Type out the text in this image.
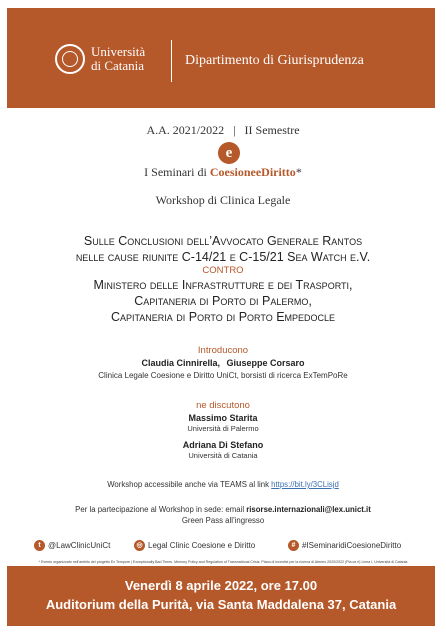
Università
di Catania	Dipartimento di Giurisprudenza
A.A. 2021/2022 | II Semestre
e
I Seminari di CoesioneeDiritto*
Workshop di Clinica Legale
Sulle Conclusioni dell’Avvocato Generale Rantos
nelle cause riunite C-14/21 e C-15/21 Sea Watch e.V.
CONTRO
Ministero delle Infrastrutture e dei Trasporti,
Capitaneria di Porto di Palermo,
Capitaneria di Porto di Porto Empedocle
Introducono
Claudia Cinnirella, Giuseppe Corsaro
Clinica Legale Coesione e Diritto UniCt, borsisti di ricerca ExTemPoRe
ne discutono
Massimo Starita
Università di Palermo
Adriana Di Stefano
Università di Catania
Workshop accessibile anche via TEAMS al link https://bit.ly/3CLisjd
Per la partecipazione al Workshop in sede: email risorse.internazionali@lex.unict.it
Green Pass all’ingresso
t @LawClinicUniCt	◎ Legal Clinic Coesione e Diritto	# #ISeminaridiCoesioneDiritto
* Evento organizzato nell’ambito del progetto Ex Tempore | Exceptionally Bad Times. Memory Policy and Regulation of Transnational Crisis. Piano di incentivi per la ricerca di Ateneo 2020/2022 (Pia.ce.ri) Linea I, Università di Catania
Venerdì 8 aprile 2022, ore 17.00
Auditorium della Purità, via Santa Maddalena 37, Catania
